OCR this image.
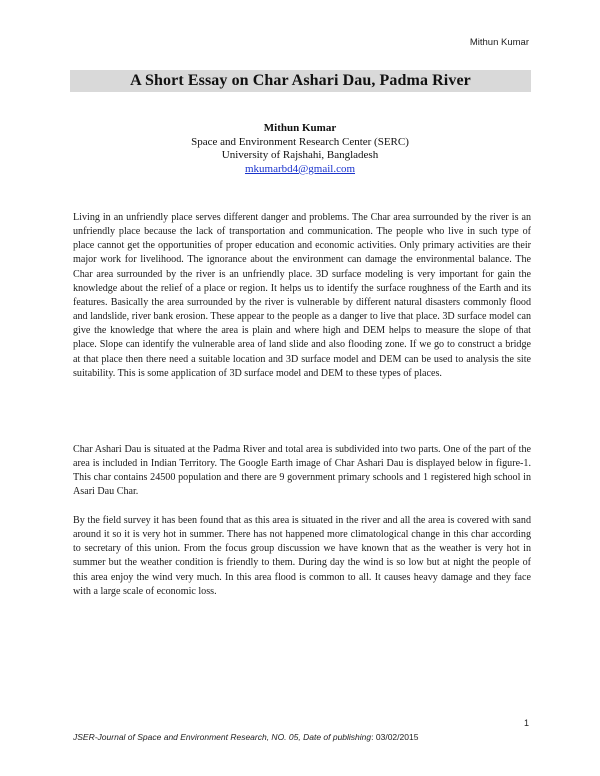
Mithun Kumar
A Short Essay on Char Ashari Dau, Padma River
Mithun Kumar
Space and Environment Research Center (SERC)
University of Rajshahi, Bangladesh
mkumarbd4@gmail.com

Living in an unfriendly place serves different danger and problems. The Char area surrounded by the river is an unfriendly place because the lack of transportation and communication. The people who live in such type of place cannot get the opportunities of proper education and economic activities. Only primary activities are their major work for livelihood. The ignorance about the environment can damage the environmental balance. The Char area surrounded by the river is an unfriendly place. 3D surface modeling is very important for gain the knowledge about the relief of a place or region. It helps us to identify the surface roughness of the Earth and its features. Basically the area surrounded by the river is vulnerable by different natural disasters commonly flood and landslide, river bank erosion. These appear to the people as a danger to live that place. 3D surface model can give the knowledge that where the area is plain and where high and DEM helps to measure the slope of that place. Slope can identify the vulnerable area of land slide and also flooding zone. If we go to construct a bridge at that place then there need a suitable location and 3D surface model and DEM can be used to analysis the site suitability. This is some application of 3D surface model and DEM to these types of places.

Char Ashari Dau is situated at the Padma River and total area is subdivided into two parts. One of the part of the area is included in Indian Territory. The Google Earth image of Char Ashari Dau is displayed below in figure-1. This char contains 24500 population and there are 9 government primary schools and 1 registered high school in Asari Dau Char.

By the field survey it has been found that as this area is situated in the river and all the area is covered with sand around it so it is very hot in summer. There has not happened more climatological change in this char according to secretary of this union. From the focus group discussion we have known that as the weather is very hot in summer but the weather condition is friendly to them. During day the wind is so low but at night the people of this area enjoy the wind very much. In this area flood is common to all. It causes heavy damage and they face with a large scale of economic loss.

1
JSER-Journal of Space and Environment Research, NO. 05, Date of publishing: 03/02/2015
